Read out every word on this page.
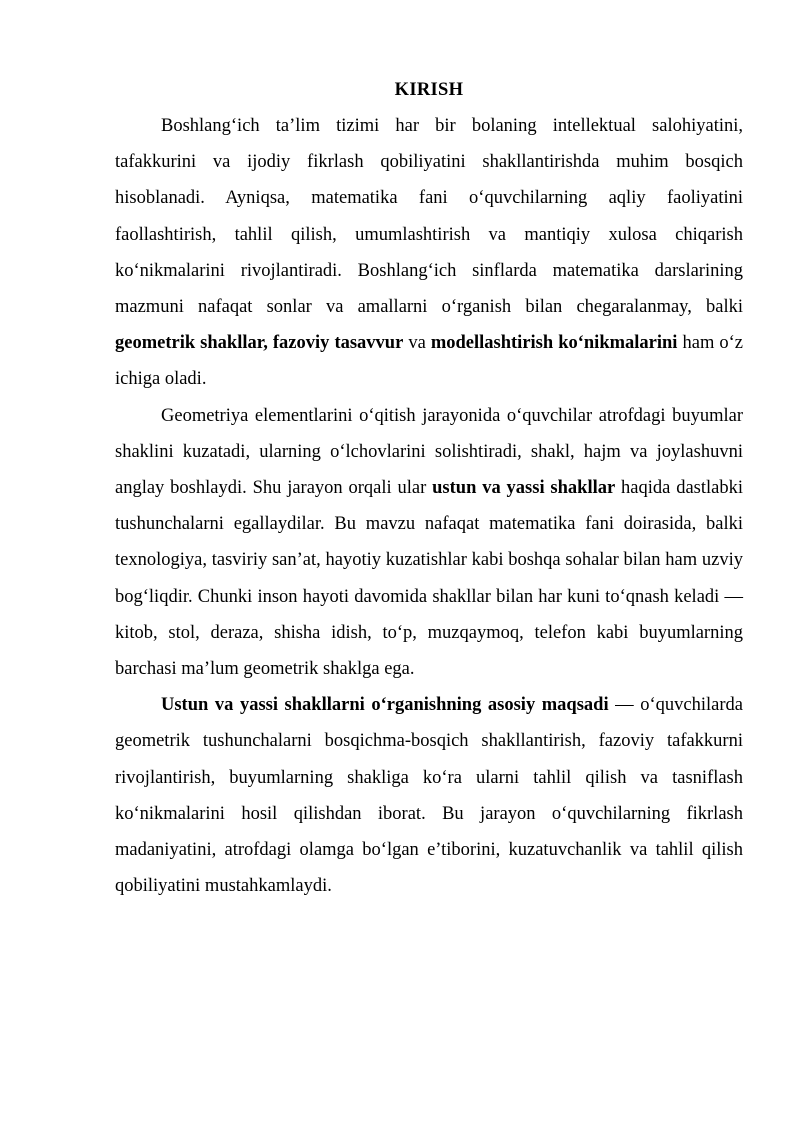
KIRISH

Boshlang‘ich ta’lim tizimi har bir bolaning intellektual salohiyatini, tafakkurini va ijodiy fikrlash qobiliyatini shakllantirishda muhim bosqich hisoblanadi. Ayniqsa, matematika fani o‘quvchilarning aqliy faoliyatini faollashtirish, tahlil qilish, umumlashtirish va mantiqiy xulosa chiqarish ko‘nikmalarini rivojlantiradi. Boshlang‘ich sinflarda matematika darslarining mazmuni nafaqat sonlar va amallarni o‘rganish bilan chegaralanmay, balki geometrik shakllar, fazoviy tasavvur va modellashtirish ko‘nikmalarini ham o‘z ichiga oladi.

Geometriya elementlarini o‘qitish jarayonida o‘quvchilar atrofdagi buyumlar shaklini kuzatadi, ularning o‘lchovlarini solishtiradi, shakl, hajm va joylashuvni anglay boshlaydi. Shu jarayon orqali ular ustun va yassi shakllar haqida dastlabki tushunchalarni egallaydilar. Bu mavzu nafaqat matematika fani doirasida, balki texnologiya, tasviriy san’at, hayotiy kuzatishlar kabi boshqa sohalar bilan ham uzviy bog‘liqdir. Chunki inson hayoti davomida shakllar bilan har kuni to‘qnash keladi — kitob, stol, deraza, shisha idish, to‘p, muzqaymoq, telefon kabi buyumlarning barchasi ma’lum geometrik shaklga ega.

Ustun va yassi shakllarni o‘rganishning asosiy maqsadi — o‘quvchilarda geometrik tushunchalarni bosqichma-bosqich shakllantirish, fazoviy tafakkurni rivojlantirish, buyumlarning shakliga ko‘ra ularni tahlil qilish va tasniflash ko‘nikmalarini hosil qilishdan iborat. Bu jarayon o‘quvchilarning fikrlash madaniyatini, atrofdagi olamga bo‘lgan e’tiborini, kuzatuvchanlik va tahlil qilish qobiliyatini mustahkamlaydi.
